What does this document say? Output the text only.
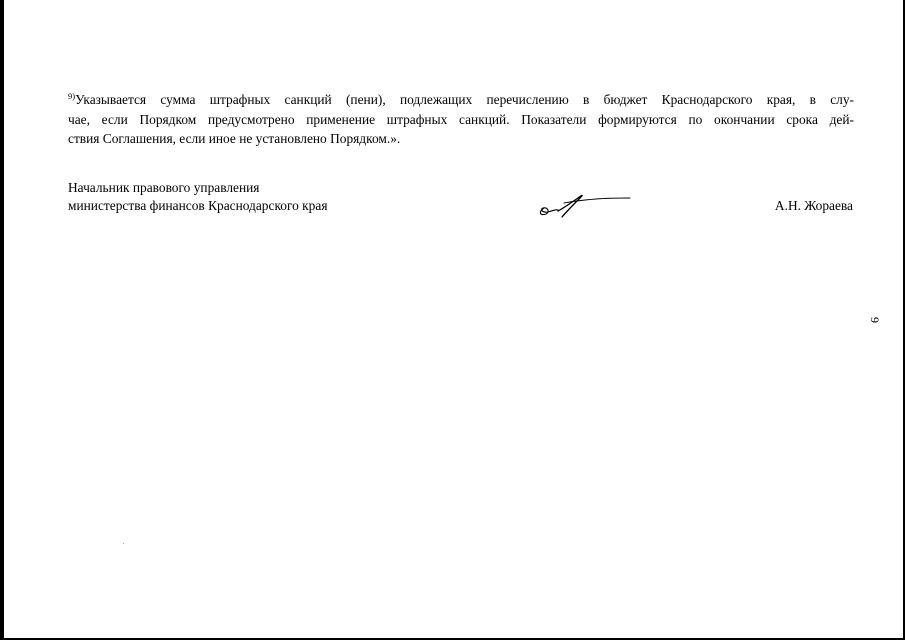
$^{9)}$Указывается сумма штрафных санкций (пени), подлежащих перечислению в бюджет Краснодарского края, в слу-
чае, если Порядком предусмотрено применение штрафных санкций. Показатели формируются по окончании срока дей-
ствия Соглашения, если иное не установлено Порядком.».
Начальник правового управления
министерства финансов Краснодарского края	А.Н. Жораева
9
